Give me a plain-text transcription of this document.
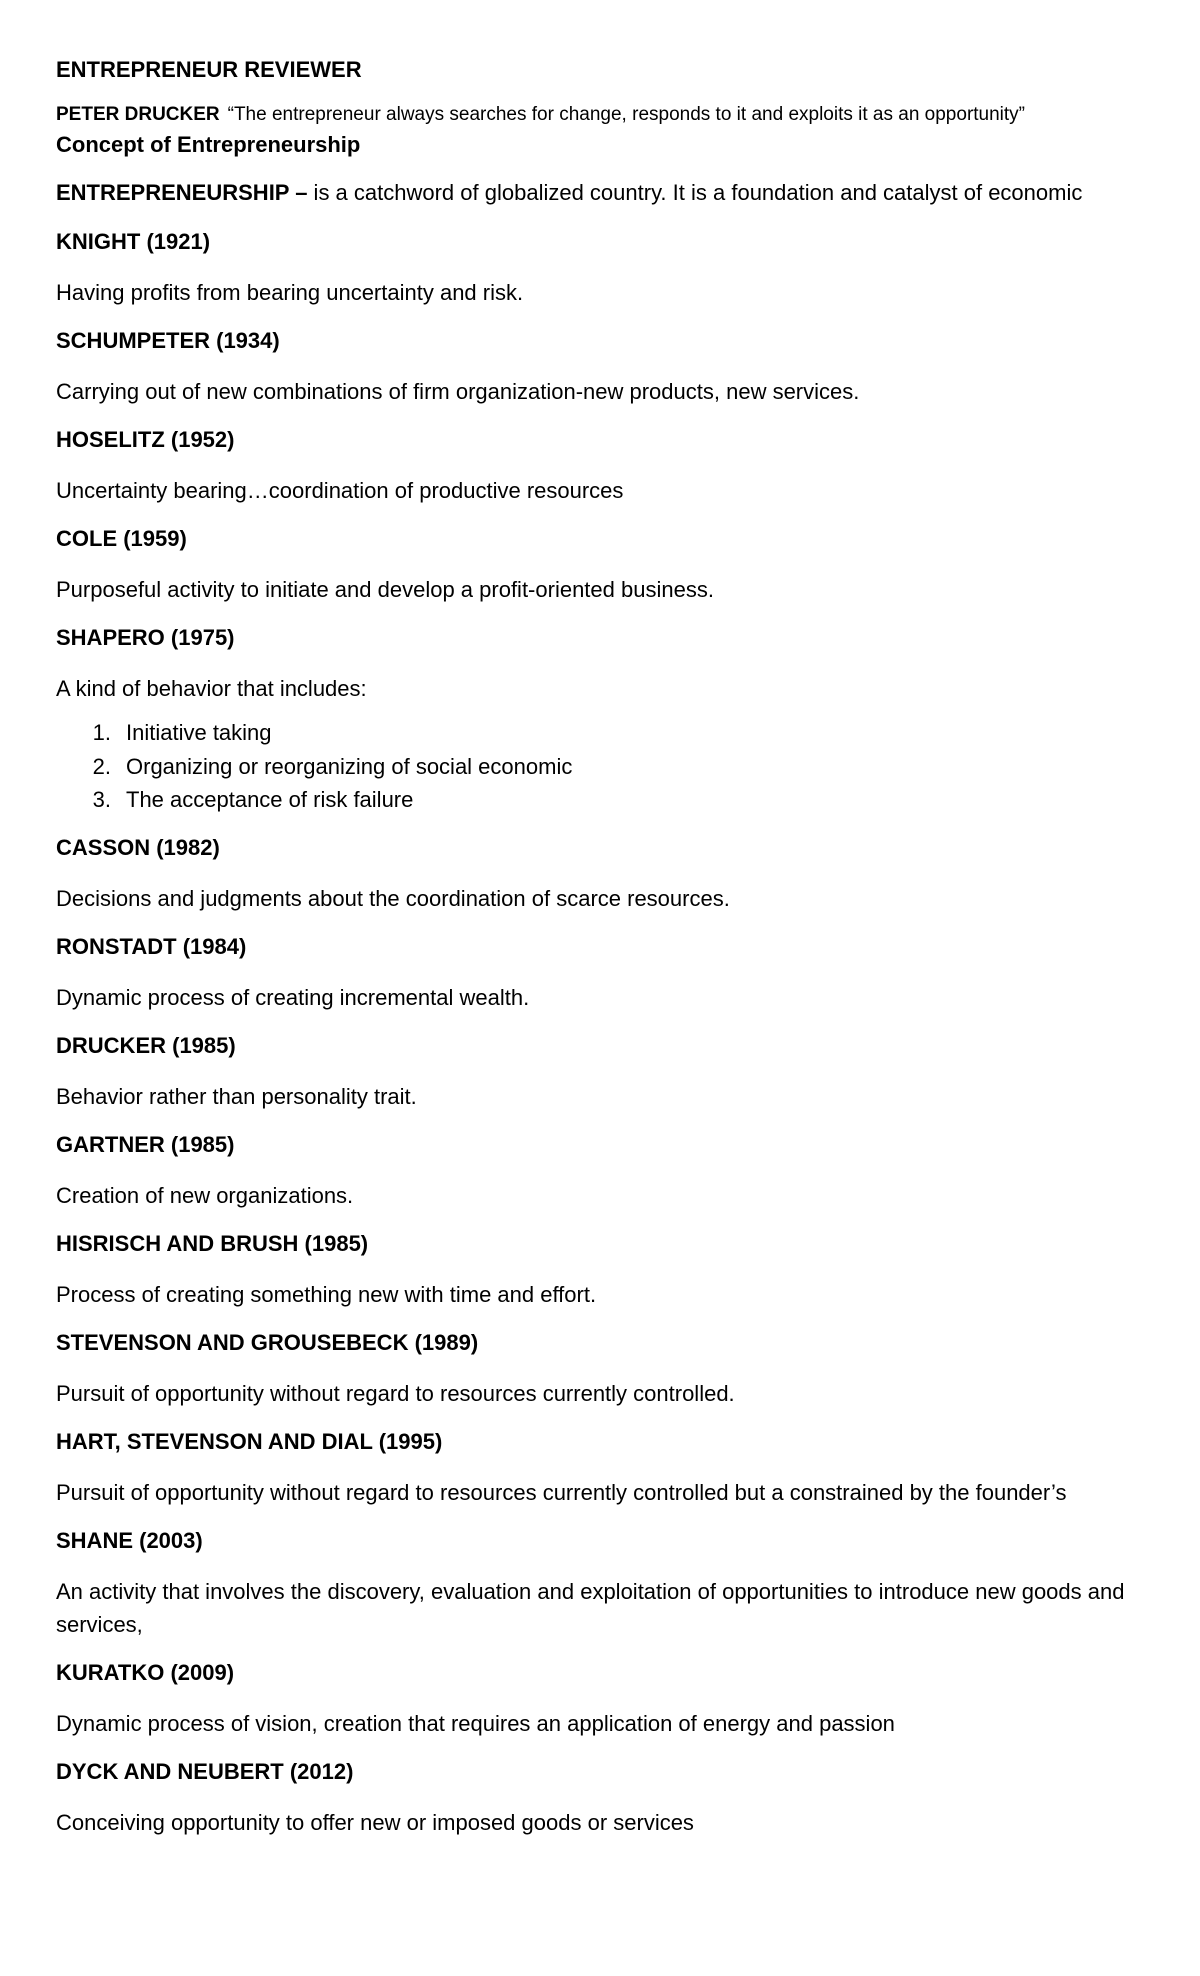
ENTREPRENEUR REVIEWER

PETER DRUCKER “The entrepreneur always searches for change, responds to it and exploits it as an opportunity”

Concept of Entrepreneurship

ENTREPRENEURSHIP – is a catchword of globalized country. It is a foundation and catalyst of economic

KNIGHT (1921)
Having profits from bearing uncertainty and risk.
SCHUMPETER (1934)
Carrying out of new combinations of firm organization-new products, new services.
HOSELITZ (1952)
Uncertainty bearing…coordination of productive resources
COLE (1959)
Purposeful activity to initiate and develop a profit-oriented business.
SHAPERO (1975)
A kind of behavior that includes:
1. Initiative taking
2. Organizing or reorganizing of social economic
3. The acceptance of risk failure
CASSON (1982)
Decisions and judgments about the coordination of scarce resources.
RONSTADT (1984)
Dynamic process of creating incremental wealth.
DRUCKER (1985)
Behavior rather than personality trait.
GARTNER (1985)
Creation of new organizations.
HISRISCH AND BRUSH (1985)
Process of creating something new with time and effort.
STEVENSON AND GROUSEBECK (1989)
Pursuit of opportunity without regard to resources currently controlled.
HART, STEVENSON AND DIAL (1995)
Pursuit of opportunity without regard to resources currently controlled but a constrained by the founder’s
SHANE (2003)
An activity that involves the discovery, evaluation and exploitation of opportunities to introduce new goods and services,
KURATKO (2009)
Dynamic process of vision, creation that requires an application of energy and passion
DYCK AND NEUBERT (2012)
Conceiving opportunity to offer new or imposed goods or services
